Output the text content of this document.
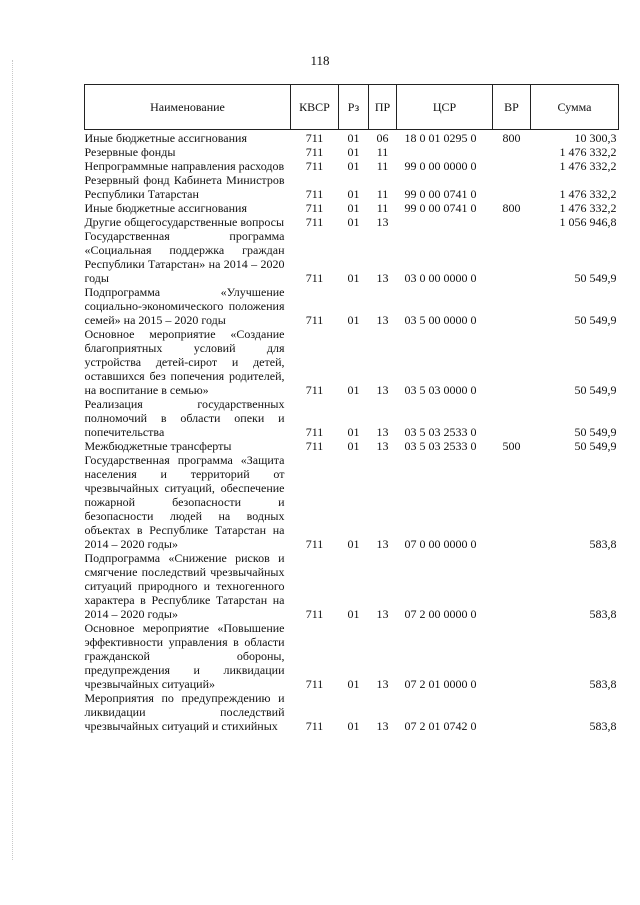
118
Наименование	КВСР	Рз	ПР	ЦСР	ВР	Сумма
Иные бюджетные ассигнования	711	01	06	18 0 01 0295 0	800	10 300,3
Резервные фонды	711	01	11			1 476 332,2
Непрограммные направления расходов	711	01	11	99 0 00 0000 0		1 476 332,2
Резервный фонд Кабинета Министров Республики Татарстан	711	01	11	99 0 00 0741 0		1 476 332,2
Иные бюджетные ассигнования	711	01	11	99 0 00 0741 0	800	1 476 332,2
Другие общегосударственные вопросы	711	01	13			1 056 946,8
Государственная программа «Социальная поддержка граждан Республики Татарстан» на 2014 – 2020 годы	711	01	13	03 0 00 0000 0		50 549,9
Подпрограмма «Улучшение социально-экономического положения семей» на 2015 – 2020 годы	711	01	13	03 5 00 0000 0		50 549,9
Основное мероприятие «Создание благоприятных условий для устройства детей-сирот и детей, оставшихся без попечения родителей, на воспитание в семью»	711	01	13	03 5 03 0000 0		50 549,9
Реализация государственных полномочий в области опеки и попечительства	711	01	13	03 5 03 2533 0		50 549,9
Межбюджетные трансферты	711	01	13	03 5 03 2533 0	500	50 549,9
Государственная программа «Защита населения и территорий от чрезвычайных ситуаций, обеспечение пожарной безопасности и безопасности людей на водных объектах в Республике Татарстан на 2014 – 2020 годы»	711	01	13	07 0 00 0000 0		583,8
Подпрограмма «Снижение рисков и смягчение последствий чрезвычайных ситуаций природного и техногенного характера в Республике Татарстан на 2014 – 2020 годы»	711	01	13	07 2 00 0000 0		583,8
Основное мероприятие «Повышение эффективности управления в области гражданской обороны, предупреждения и ликвидации чрезвычайных ситуаций»	711	01	13	07 2 01 0000 0		583,8
Мероприятия по предупреждению и ликвидации последствий чрезвычайных ситуаций и стихийных	711	01	13	07 2 01 0742 0		583,8
